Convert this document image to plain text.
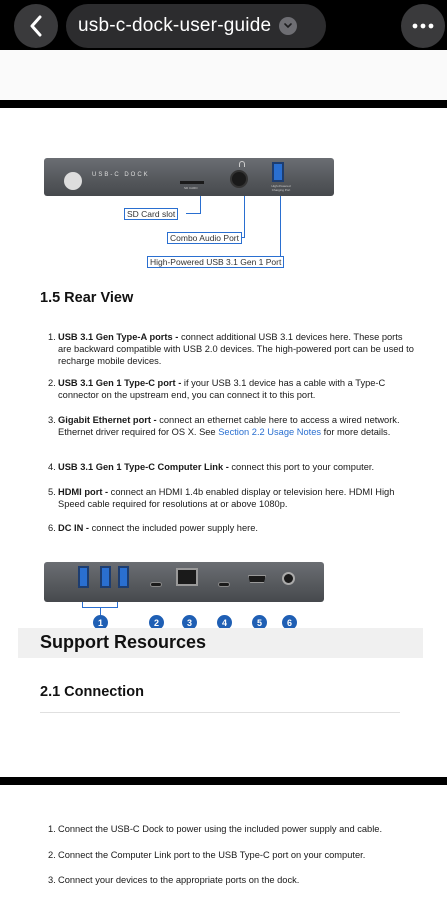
usb-c-dock-user-guide
USB-C DOCK
SD CARD	High-Powered Charging Port
SD Card slot
Combo Audio Port
High-Powered USB 3.1 Gen 1 Port
1.5 Rear View
1. USB 3.1 Gen Type-A ports - connect additional USB 3.1 devices here. These ports are backward compatible with USB 2.0 devices. The high-powered port can be used to recharge mobile devices.
2. USB 3.1 Gen 1 Type-C port - if your USB 3.1 device has a cable with a Type-C connector on the upstream end, you can connect it to this port.
3. Gigabit Ethernet port - connect an ethernet cable here to access a wired network. Ethernet driver required for OS X. See Section 2.2 Usage Notes for more details.
4. USB 3.1 Gen 1 Type-C Computer Link - connect this port to your computer.
5. HDMI port - connect an HDMI 1.4b enabled display or television here. HDMI High Speed cable required for resolutions at or above 1080p.
6. DC IN - connect the included power supply here.
1	2	3	4	5	6
Support Resources
2.1 Connection
1. Connect the USB-C Dock to power using the included power supply and cable.
2. Connect the Computer Link port to the USB Type-C port on your computer.
3. Connect your devices to the appropriate ports on the dock.
